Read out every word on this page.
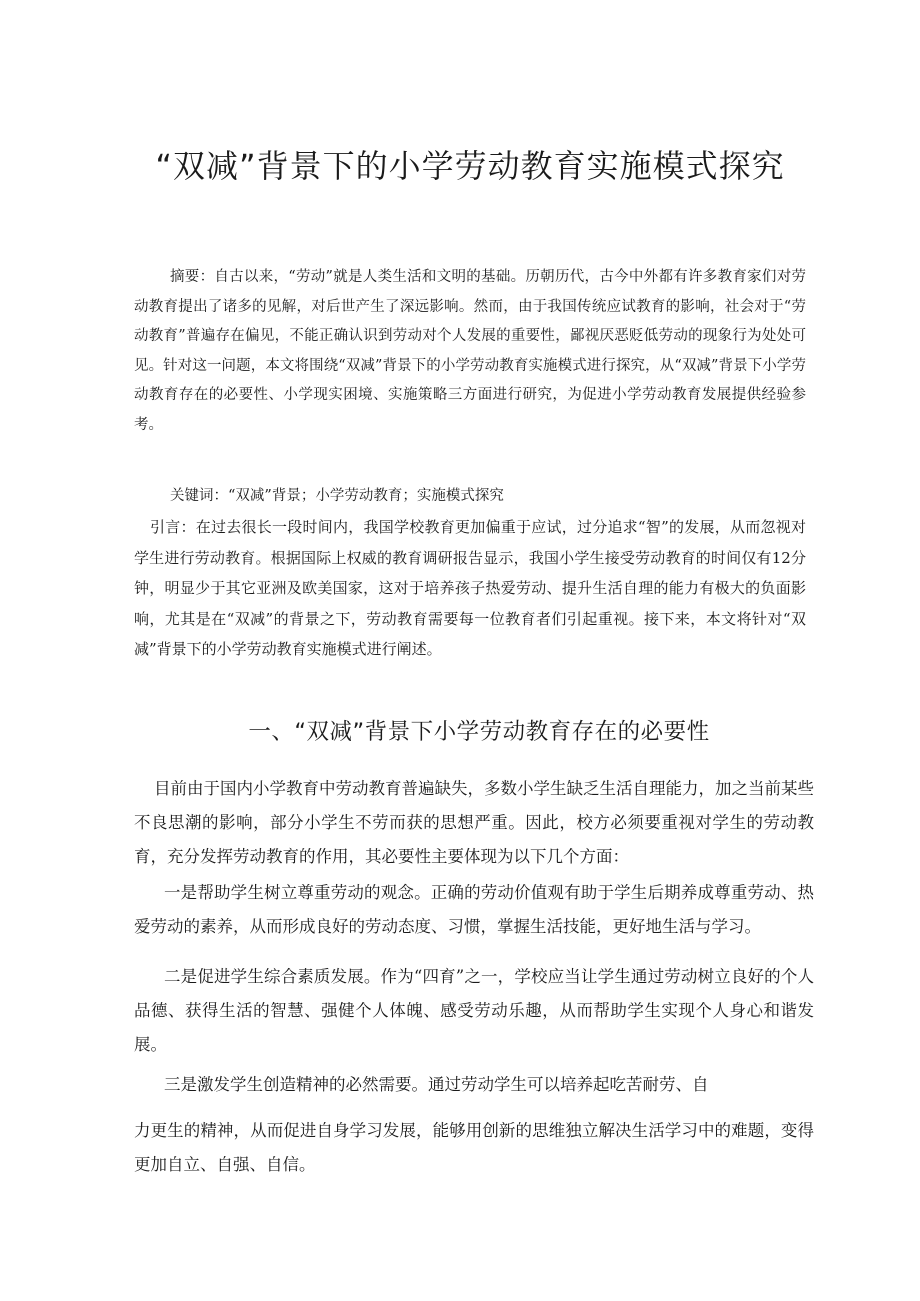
“双减”背景下的小学劳动教育实施模式探究

摘要：自古以来，“劳动”就是人类生活和文明的基础。历朝历代，古今中外都有许多教育家们对劳动教育提出了诸多的见解，对后世产生了深远影响。然而，由于我国传统应试教育的影响，社会对于“劳动教育”普遍存在偏见，不能正确认识到劳动对个人发展的重要性，鄙视厌恶贬低劳动的现象行为处处可见。针对这一问题，本文将围绕“双减”背景下的小学劳动教育实施模式进行探究，从“双减”背景下小学劳动教育存在的必要性、小学现实困境、实施策略三方面进行研究，为促进小学劳动教育发展提供经验参考。

关键词：“双减”背景；小学劳动教育；实施模式探究

引言：在过去很长一段时间内，我国学校教育更加偏重于应试，过分追求“智”的发展，从而忽视对学生进行劳动教育。根据国际上权威的教育调研报告显示，我国小学生接受劳动教育的时间仅有12分钟，明显少于其它亚洲及欧美国家，这对于培养孩子热爱劳动、提升生活自理的能力有极大的负面影响，尤其是在“双减”的背景之下，劳动教育需要每一位教育者们引起重视。接下来，本文将针对“双减”背景下的小学劳动教育实施模式进行阐述。

一、“双减”背景下小学劳动教育存在的必要性

目前由于国内小学教育中劳动教育普遍缺失，多数小学生缺乏生活自理能力，加之当前某些不良思潮的影响，部分小学生不劳而获的思想严重。因此，校方必须要重视对学生的劳动教育，充分发挥劳动教育的作用，其必要性主要体现为以下几个方面：

一是帮助学生树立尊重劳动的观念。正确的劳动价值观有助于学生后期养成尊重劳动、热爱劳动的素养，从而形成良好的劳动态度、习惯，掌握生活技能，更好地生活与学习。

二是促进学生综合素质发展。作为“四育”之一，学校应当让学生通过劳动树立良好的个人品德、获得生活的智慧、强健个人体魄、感受劳动乐趣，从而帮助学生实现个人身心和谐发展。

三是激发学生创造精神的必然需要。通过劳动学生可以培养起吃苦耐劳、自

力更生的精神，从而促进自身学习发展，能够用创新的思维独立解决生活学习中的难题，变得更加自立、自强、自信。
